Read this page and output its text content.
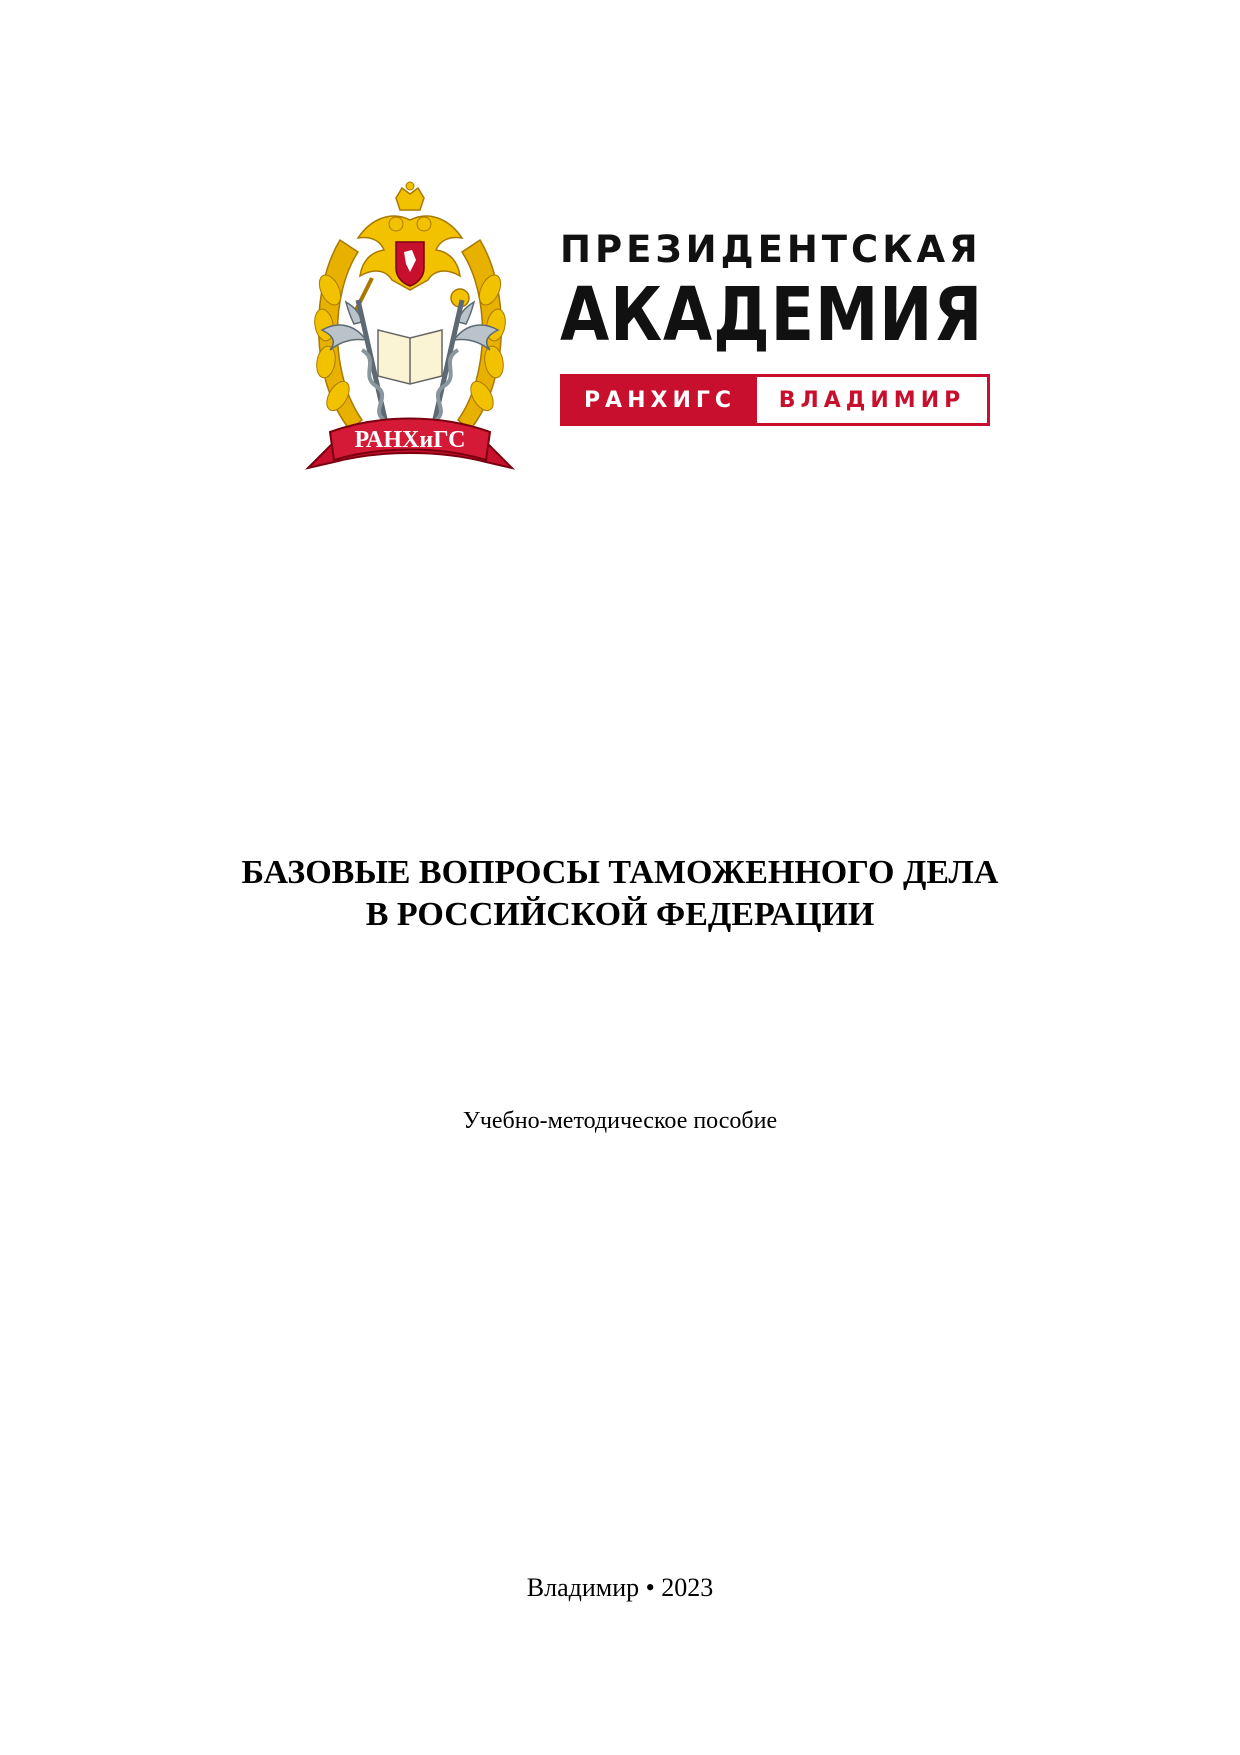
РАНХиГС
ПРЕЗИДЕНТСКАЯ
АКАДЕМИЯ
РАНХИГС	ВЛАДИМИР
БАЗОВЫЕ ВОПРОСЫ ТАМОЖЕННОГО ДЕЛА
В РОССИЙСКОЙ ФЕДЕРАЦИИ
Учебно-методическое пособие
Владимир • 2023
